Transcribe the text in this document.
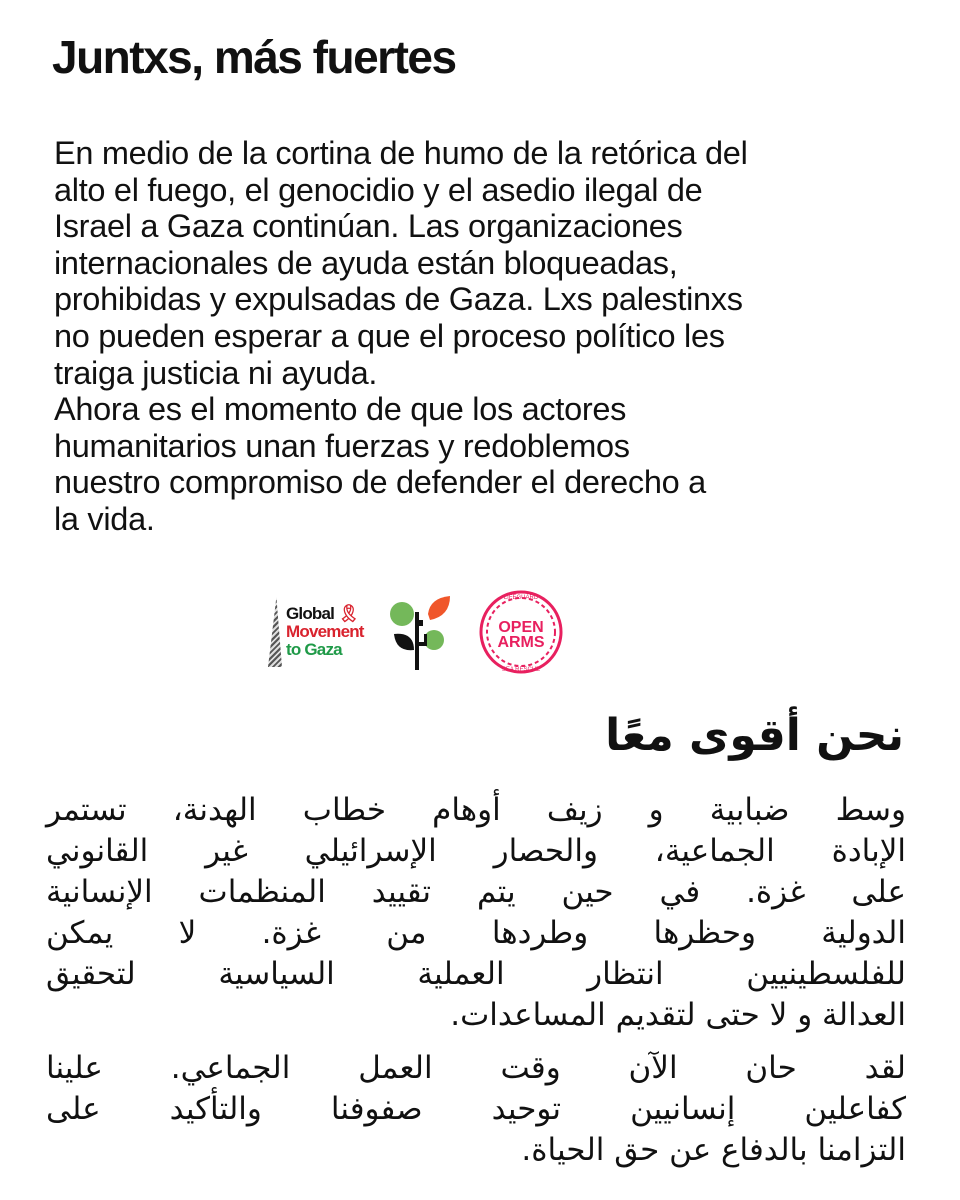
Juntxs, más fuertes
En medio de la cortina de humo de la retórica del
alto el fuego, el genocidio y el asedio ilegal de
Israel a Gaza continúan. Las organizaciones
internacionales de ayuda están bloqueadas,
prohibidas y expulsadas de Gaza. Lxs palestinxs
no pueden esperar a que el proceso político les
traiga justicia ni ayuda.
Ahora es el momento de que los actores
humanitarios unan fuerzas y redoblemos
nuestro compromiso de defender el derecho a
la vida.
Global 🎗︎
Movement
to Gaza
OPEN
ARMS
LIFEGUARD
SEA RESCUE
نحن أقوى معًا
وسط ضبابية و زيف أوهام خطاب الهدنة، تستمر
الإبادة الجماعية، والحصار الإسرائيلي غير القانوني
على غزة. في حين يتم تقييد المنظمات الإنسانية
الدولية وحظرها وطردها من غزة. لا يمكن
للفلسطينيين انتظار العملية السياسية لتحقيق
العدالة و لا حتى لتقديم المساعدات.
لقد حان الآن وقت العمل الجماعي. علينا
كفاعلين إنسانيين توحيد صفوفنا والتأكيد على
التزامنا بالدفاع عن حق الحياة.
